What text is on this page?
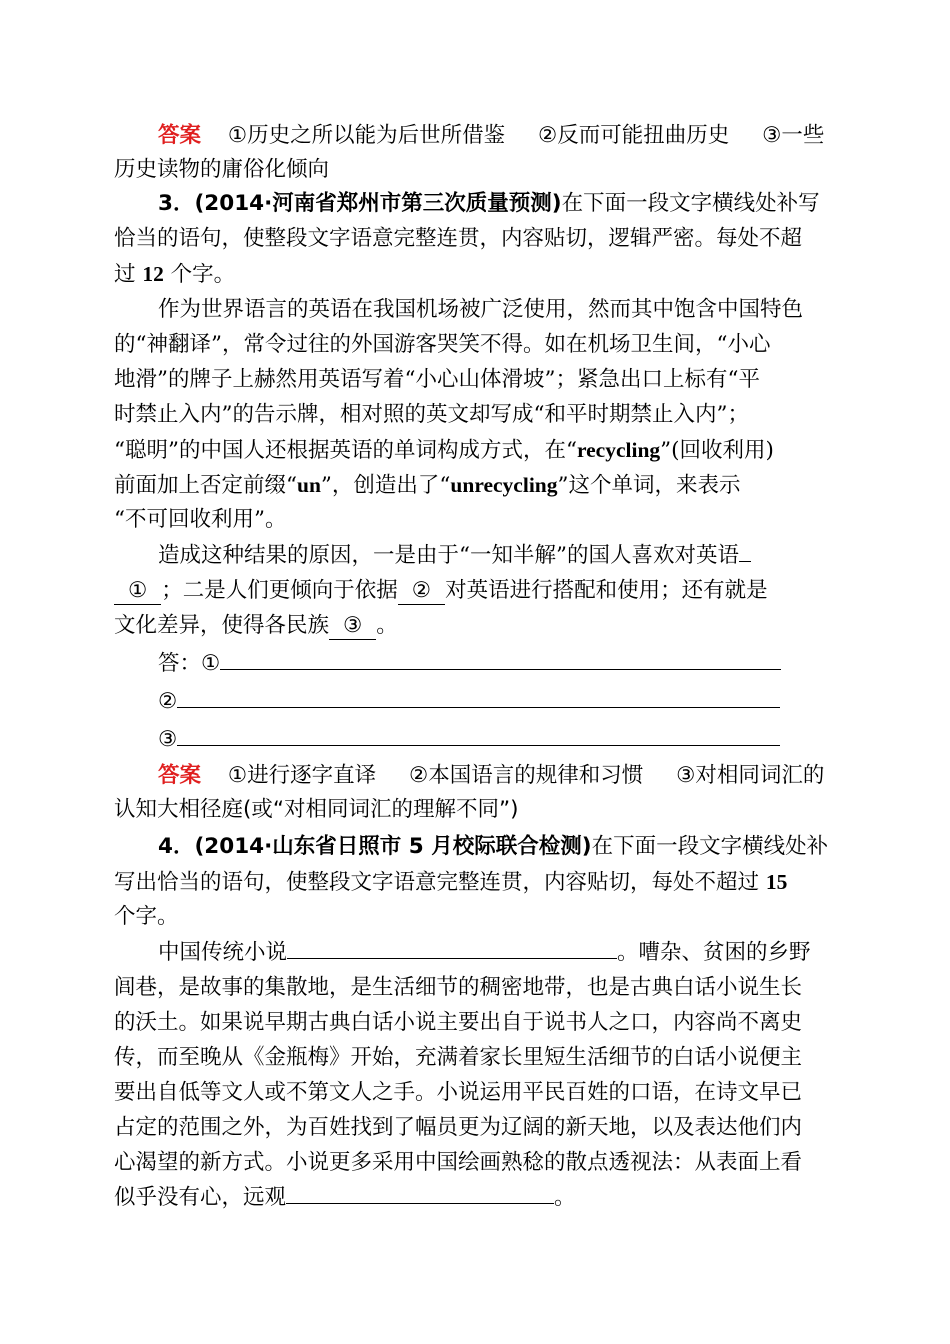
答案 ①历史之所以能为后世所借鉴 ②反而可能扭曲历史 ③一些
历史读物的庸俗化倾向
3．(2014·河南省郑州市第三次质量预测)在下面一段文字横线处补写
恰当的语句，使整段文字语意完整连贯，内容贴切，逻辑严密。每处不超
过 12 个字。
作为世界语言的英语在我国机场被广泛使用，然而其中饱含中国特色
的“神翻译”，常令过往的外国游客哭笑不得。如在机场卫生间，“小心
地滑”的牌子上赫然用英语写着“小心山体滑坡”；紧急出口上标有“平
时禁止入内”的告示牌，相对照的英文却写成“和平时期禁止入内”；
“聪明”的中国人还根据英语的单词构成方式，在“recycling”(回收利用)
前面加上否定前缀“un”，创造出了“unrecycling”这个单词，来表示
“不可回收利用”。
造成这种结果的原因，一是由于“一知半解”的国人喜欢对英语
① ；二是人们更倾向于依据 ② 对英语进行搭配和使用；还有就是
文化差异，使得各民族 ③ 。
答：①
②
③
答案 ①进行逐字直译 ②本国语言的规律和习惯 ③对相同词汇的
认知大相径庭(或“对相同词汇的理解不同”)
4．(2014·山东省日照市 5 月校际联合检测)在下面一段文字横线处补
写出恰当的语句，使整段文字语意完整连贯，内容贴切，每处不超过 15
个字。
中国传统小说	。嘈杂、贫困的乡野
闾巷，是故事的集散地，是生活细节的稠密地带，也是古典白话小说生长
的沃土。如果说早期古典白话小说主要出自于说书人之口，内容尚不离史
传，而至晚从《金瓶梅》开始，充满着家长里短生活细节的白话小说便主
要出自低等文人或不第文人之手。小说运用平民百姓的口语，在诗文早已
占定的范围之外，为百姓找到了幅员更为辽阔的新天地，以及表达他们内
心渴望的新方式。小说更多采用中国绘画熟稔的散点透视法：从表面上看
似乎没有心，远观	。
